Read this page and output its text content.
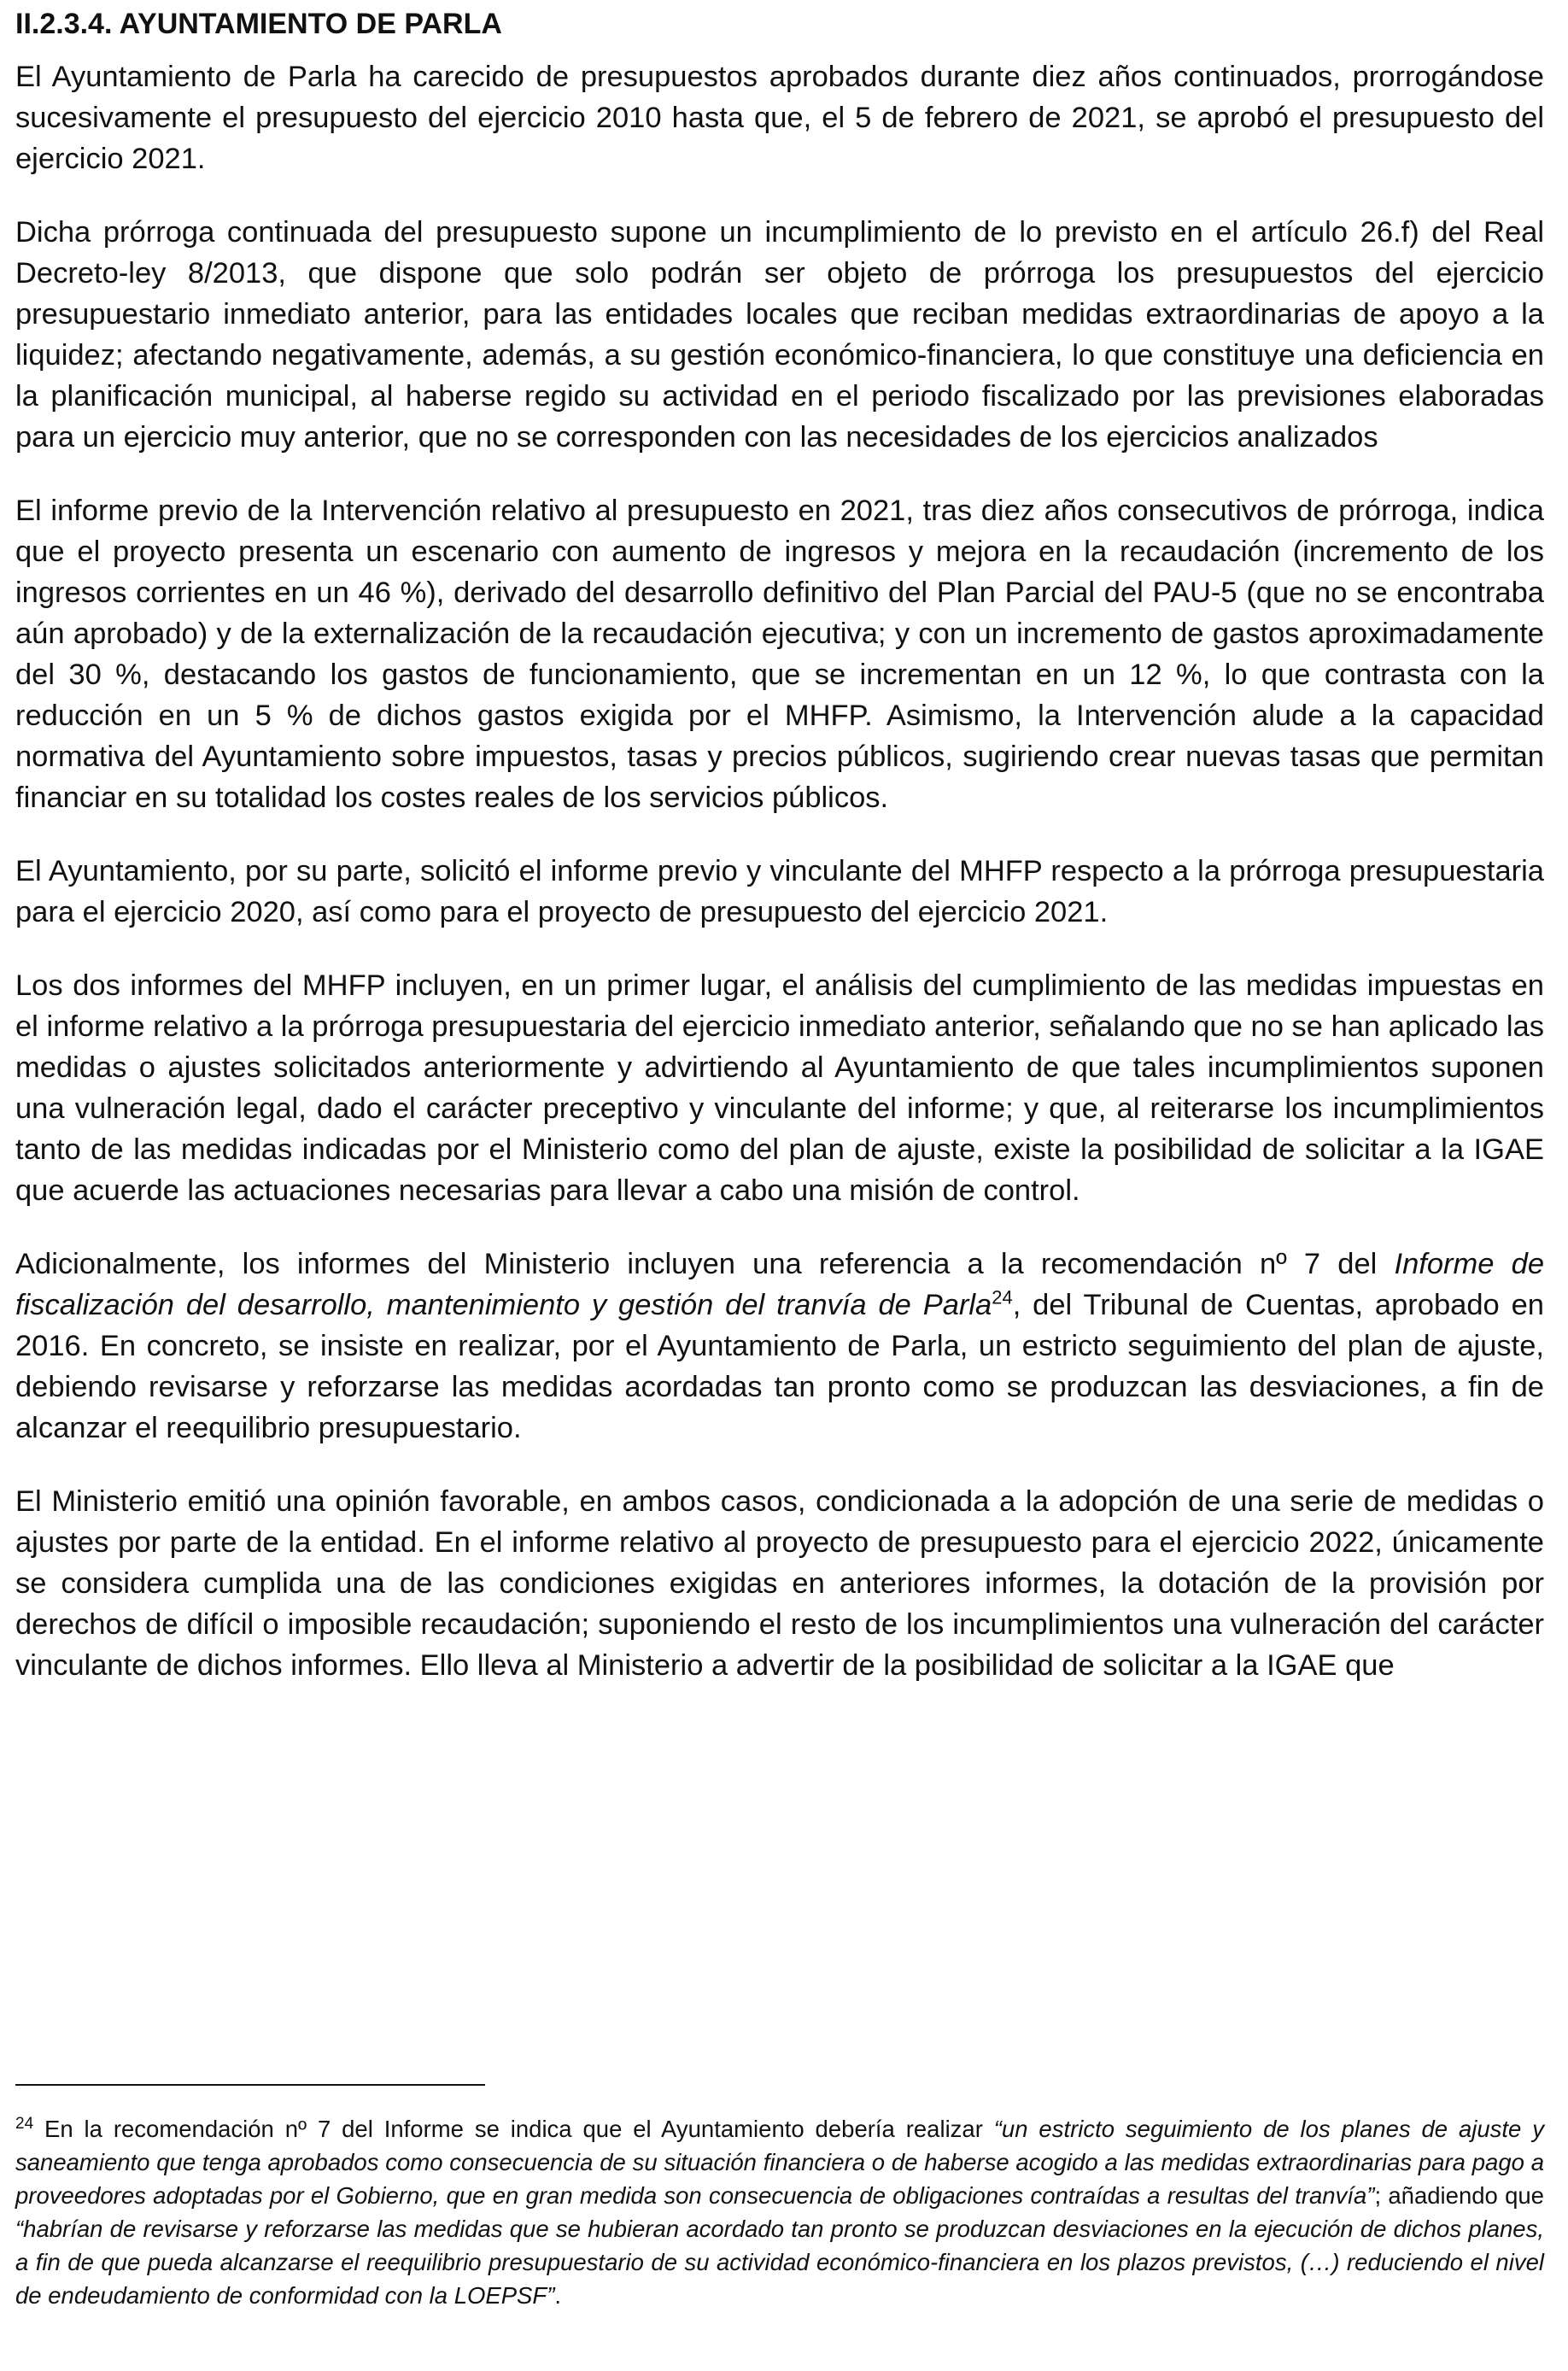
II.2.3.4. AYUNTAMIENTO DE PARLA

El Ayuntamiento de Parla ha carecido de presupuestos aprobados durante diez años continuados, prorrogándose sucesivamente el presupuesto del ejercicio 2010 hasta que, el 5 de febrero de 2021, se aprobó el presupuesto del ejercicio 2021.

Dicha prórroga continuada del presupuesto supone un incumplimiento de lo previsto en el artículo 26.f) del Real Decreto-ley 8/2013, que dispone que solo podrán ser objeto de prórroga los presupuestos del ejercicio presupuestario inmediato anterior, para las entidades locales que reciban medidas extraordinarias de apoyo a la liquidez; afectando negativamente, además, a su gestión económico-financiera, lo que constituye una deficiencia en la planificación municipal, al haberse regido su actividad en el periodo fiscalizado por las previsiones elaboradas para un ejercicio muy anterior, que no se corresponden con las necesidades de los ejercicios analizados

El informe previo de la Intervención relativo al presupuesto en 2021, tras diez años consecutivos de prórroga, indica que el proyecto presenta un escenario con aumento de ingresos y mejora en la recaudación (incremento de los ingresos corrientes en un 46 %), derivado del desarrollo definitivo del Plan Parcial del PAU-5 (que no se encontraba aún aprobado) y de la externalización de la recaudación ejecutiva; y con un incremento de gastos aproximadamente del 30 %, destacando los gastos de funcionamiento, que se incrementan en un 12 %, lo que contrasta con la reducción en un 5 % de dichos gastos exigida por el MHFP. Asimismo, la Intervención alude a la capacidad normativa del Ayuntamiento sobre impuestos, tasas y precios públicos, sugiriendo crear nuevas tasas que permitan financiar en su totalidad los costes reales de los servicios públicos.

El Ayuntamiento, por su parte, solicitó el informe previo y vinculante del MHFP respecto a la prórroga presupuestaria para el ejercicio 2020, así como para el proyecto de presupuesto del ejercicio 2021.

Los dos informes del MHFP incluyen, en un primer lugar, el análisis del cumplimiento de las medidas impuestas en el informe relativo a la prórroga presupuestaria del ejercicio inmediato anterior, señalando que no se han aplicado las medidas o ajustes solicitados anteriormente y advirtiendo al Ayuntamiento de que tales incumplimientos suponen una vulneración legal, dado el carácter preceptivo y vinculante del informe; y que, al reiterarse los incumplimientos tanto de las medidas indicadas por el Ministerio como del plan de ajuste, existe la posibilidad de solicitar a la IGAE que acuerde las actuaciones necesarias para llevar a cabo una misión de control.

Adicionalmente, los informes del Ministerio incluyen una referencia a la recomendación nº 7 del Informe de fiscalización del desarrollo, mantenimiento y gestión del tranvía de Parla$^{24}$, del Tribunal de Cuentas, aprobado en 2016. En concreto, se insiste en realizar, por el Ayuntamiento de Parla, un estricto seguimiento del plan de ajuste, debiendo revisarse y reforzarse las medidas acordadas tan pronto como se produzcan las desviaciones, a fin de alcanzar el reequilibrio presupuestario.

El Ministerio emitió una opinión favorable, en ambos casos, condicionada a la adopción de una serie de medidas o ajustes por parte de la entidad. En el informe relativo al proyecto de presupuesto para el ejercicio 2022, únicamente se considera cumplida una de las condiciones exigidas en anteriores informes, la dotación de la provisión por derechos de difícil o imposible recaudación; suponiendo el resto de los incumplimientos una vulneración del carácter vinculante de dichos informes. Ello lleva al Ministerio a advertir de la posibilidad de solicitar a la IGAE que

$^{24}$ En la recomendación nº 7 del Informe se indica que el Ayuntamiento debería realizar “un estricto seguimiento de los planes de ajuste y saneamiento que tenga aprobados como consecuencia de su situación financiera o de haberse acogido a las medidas extraordinarias para pago a proveedores adoptadas por el Gobierno, que en gran medida son consecuencia de obligaciones contraídas a resultas del tranvía”; añadiendo que “habrían de revisarse y reforzarse las medidas que se hubieran acordado tan pronto se produzcan desviaciones en la ejecución de dichos planes, a fin de que pueda alcanzarse el reequilibrio presupuestario de su actividad económico-financiera en los plazos previstos, (…) reduciendo el nivel de endeudamiento de conformidad con la LOEPSF”.
